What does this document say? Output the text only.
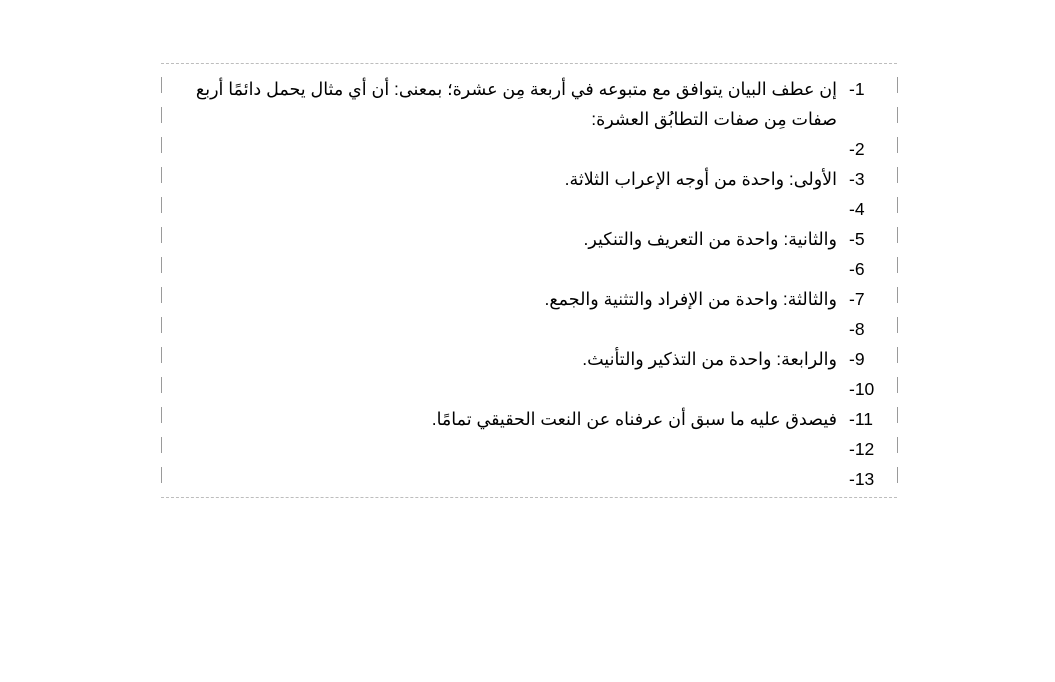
-1
إن عطف البيان يتوافق مع متبوعه في أربعة مِن عشرة؛ بمعنى: أن أي مثال يحمل دائمًا أربع صفات مِن صفات التطابُق العشرة:
-2
-3
الأولى: واحدة من أوجه الإعراب الثلاثة.
-4
-5
والثانية: واحدة من التعريف والتنكير.
-6
-7
والثالثة: واحدة من الإفراد والتثنية والجمع.
-8
-9
والرابعة: واحدة من التذكير والتأنيث.
-10
-11
فيصدق عليه ما سبق أن عرفناه عن النعت الحقيقي تمامًا.
-12
-13
